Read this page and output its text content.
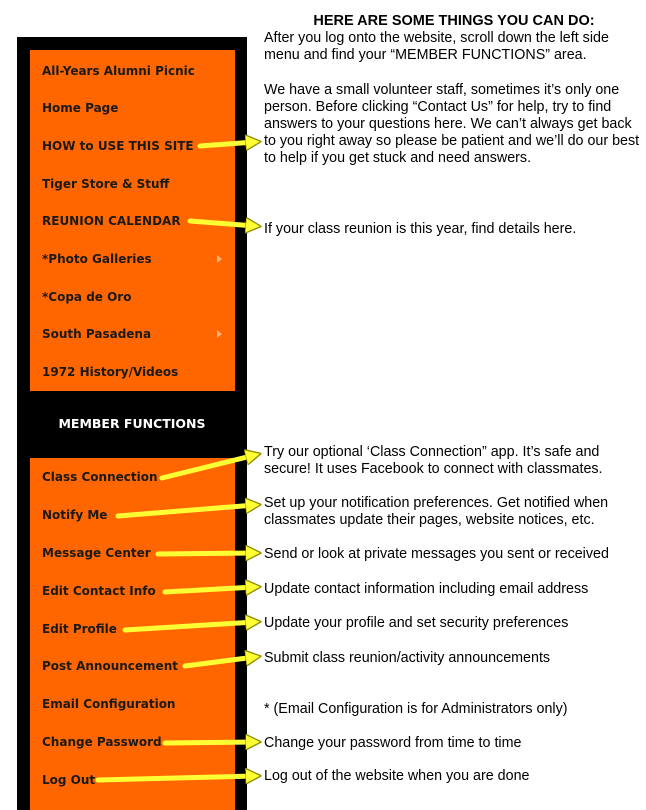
HERE ARE SOME THINGS YOU CAN DO:
All-Years Alumni Picnic
Home Page
HOW to USE THIS SITE
Tiger Store & Stuff
REUNION CALENDAR
*Photo Galleries
*Copa de Oro
South Pasadena
1972 History/Videos
MEMBER FUNCTIONS
Class Connection
Notify Me
Message Center
Edit Contact Info
Edit Profile
Post Announcement
Email Configuration
Change Password
Log Out
After you log onto the website, scroll down the left side menu and find your “MEMBER FUNCTIONS” area.
We have a small volunteer staff, sometimes it’s only one person. Before clicking “Contact Us” for help, try to find answers to your questions here. We can’t always get back to you right away so please be patient and we’ll do our best to help if you get stuck and need answers.
If your class reunion is this year, find details here.
Try our optional ‘Class Connection” app. It’s safe and secure! It uses Facebook to connect with classmates.
Set up your notification preferences. Get notified when classmates update their pages, website notices, etc.
Send or look at private messages you sent or received
Update contact information including email address
Update your profile and set security preferences
Submit class reunion/activity announcements
* (Email Configuration is for Administrators only)
Change your password from time to time
Log out of the website when you are done
